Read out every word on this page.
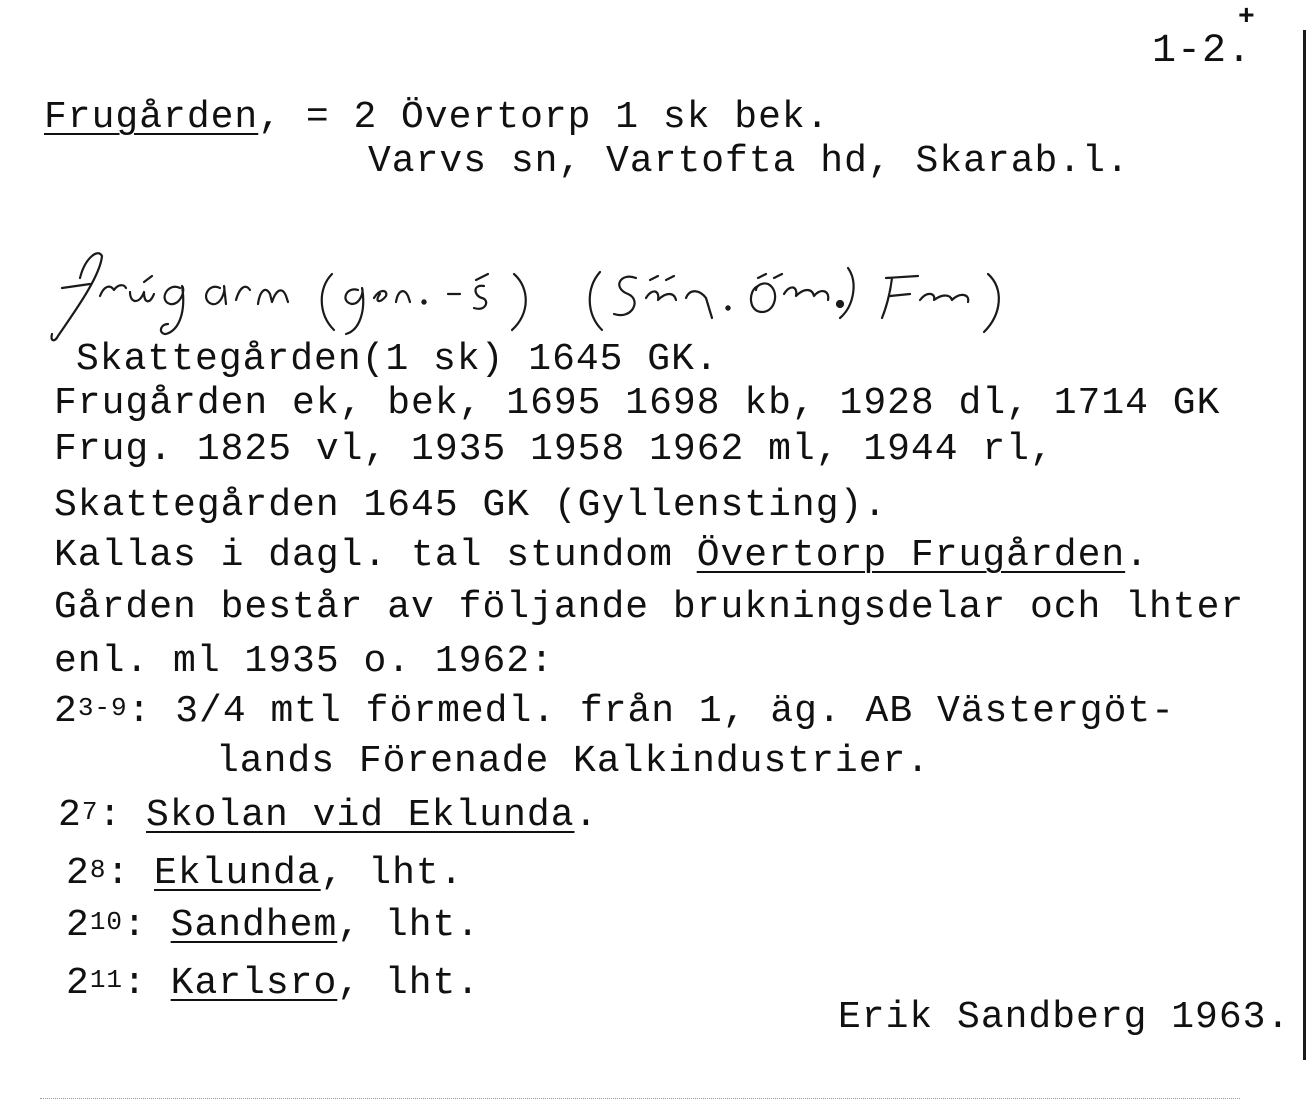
+
1-2.
Frugården, = 2 Övertorp 1 sk bek.
Varvs sn, Vartofta hd, Skarab.l.
Skattegården(1 sk) 1645 GK.
Frugården ek, bek, 1695 1698 kb, 1928 dl, 1714 GK
Frug. 1825 vl, 1935 1958 1962 ml, 1944 rl,
Skattegården 1645 GK (Gyllensting).
Kallas i dagl. tal stundom Övertorp Frugården.
Gården består av följande brukningsdelar och lhter
enl. ml 1935 o. 1962:
2$^{3-9}$: 3/4 mtl förmedl. från 1, äg. AB Västergöt-
lands Förenade Kalkindustrier.
$2^7$: Skolan vid Eklunda.
$2^8$: Eklunda, lht.
$2^{10}$: Sandhem, lht.
$2^{11}$: Karlsro, lht.
Erik Sandberg 1963.
